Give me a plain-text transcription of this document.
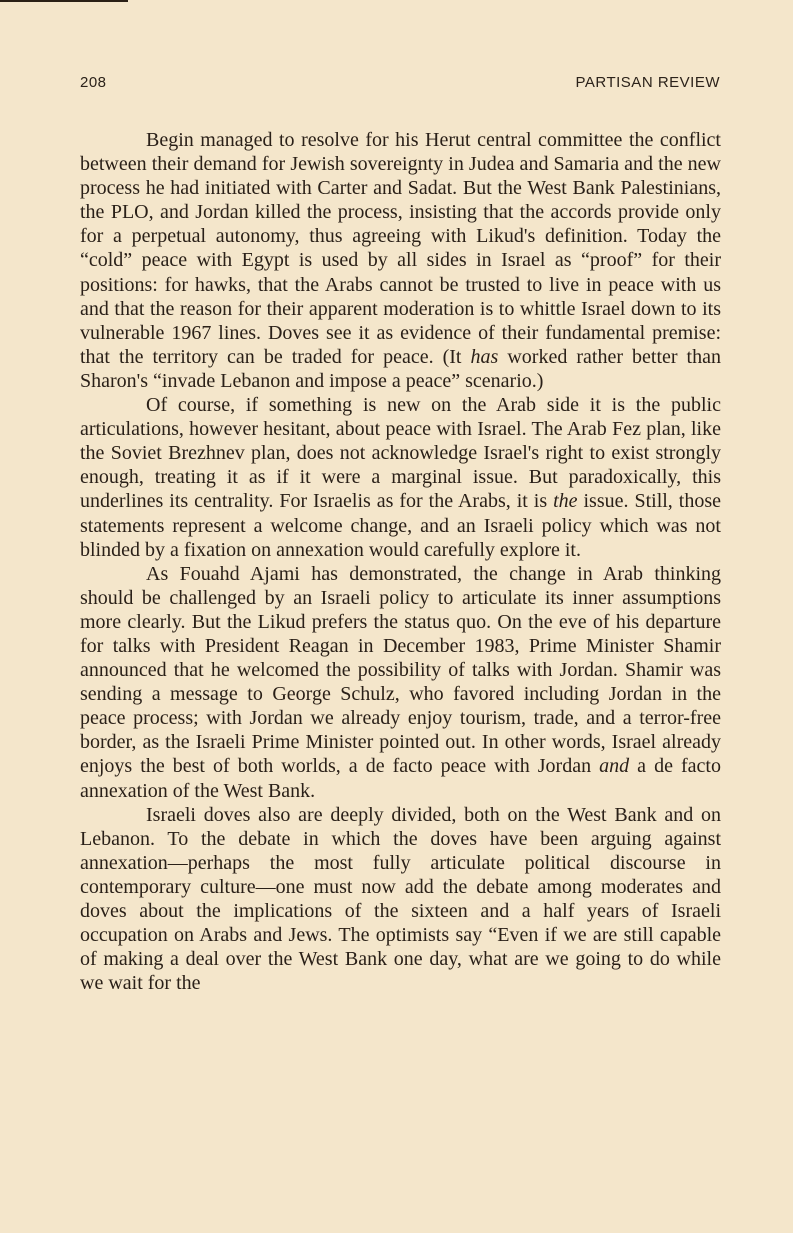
208	PARTISAN REVIEW

Begin managed to resolve for his Herut central committee the conflict between their demand for Jewish sovereignty in Judea and Samaria and the new process he had initiated with Carter and Sadat. But the West Bank Palestinians, the PLO, and Jordan killed the process, insisting that the accords provide only for a perpetual autonomy, thus agreeing with Likud's definition. Today the “cold” peace with Egypt is used by all sides in Israel as “proof” for their positions: for hawks, that the Arabs cannot be trusted to live in peace with us and that the reason for their apparent moderation is to whittle Israel down to its vulnerable 1967 lines. Doves see it as evidence of their fundamental premise: that the territory can be traded for peace. (It has worked rather better than Sharon's “invade Lebanon and impose a peace” scenario.)

Of course, if something is new on the Arab side it is the public articulations, however hesitant, about peace with Israel. The Arab Fez plan, like the Soviet Brezhnev plan, does not acknowledge Israel's right to exist strongly enough, treating it as if it were a marginal issue. But paradoxically, this underlines its centrality. For Israelis as for the Arabs, it is the issue. Still, those statements represent a welcome change, and an Israeli policy which was not blinded by a fixation on annexation would carefully explore it.

As Fouahd Ajami has demonstrated, the change in Arab thinking should be challenged by an Israeli policy to articulate its inner assumptions more clearly. But the Likud prefers the status quo. On the eve of his departure for talks with President Reagan in December 1983, Prime Minister Shamir announced that he welcomed the possibility of talks with Jordan. Shamir was sending a message to George Schulz, who favored including Jordan in the peace process; with Jordan we already enjoy tourism, trade, and a terror-free border, as the Israeli Prime Minister pointed out. In other words, Israel already enjoys the best of both worlds, a de facto peace with Jordan and a de facto annexation of the West Bank.

Israeli doves also are deeply divided, both on the West Bank and on Lebanon. To the debate in which the doves have been arguing against annexation—perhaps the most fully articulate political discourse in contemporary culture—one must now add the debate among moderates and doves about the implications of the sixteen and a half years of Israeli occupation on Arabs and Jews. The optimists say “Even if we are still capable of making a deal over the West Bank one day, what are we going to do while we wait for the
